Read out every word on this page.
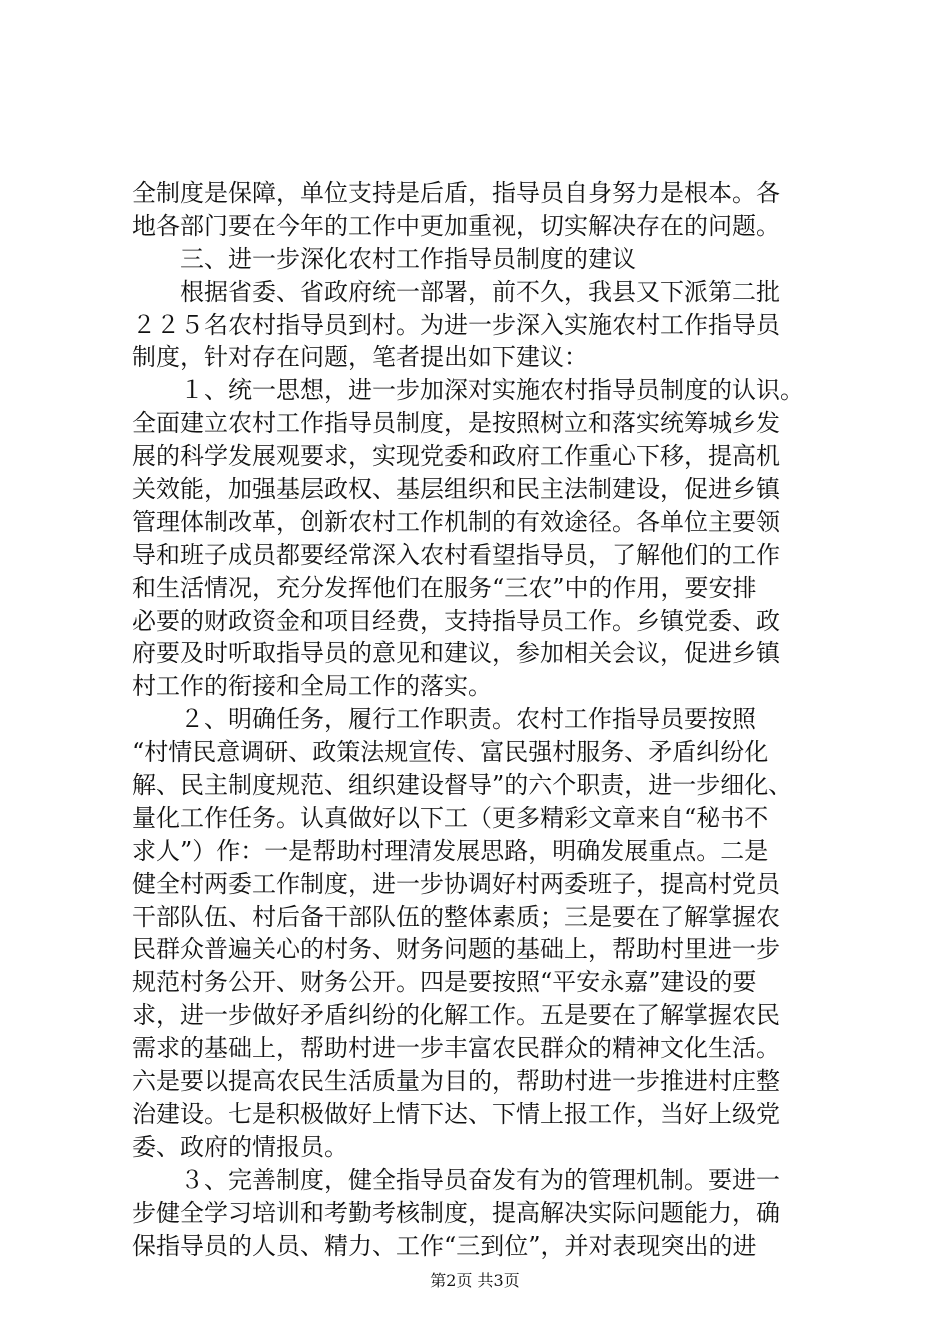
全制度是保障，单位支持是后盾，指导员自身努力是根本。各
地各部门要在今年的工作中更加重视，切实解决存在的问题。
　　三、进一步深化农村工作指导员制度的建议
　　根据省委、省政府统一部署，前不久，我县又下派第二批
２２５名农村指导员到村。为进一步深入实施农村工作指导员
制度，针对存在问题，笔者提出如下建议：
　　１、统一思想，进一步加深对实施农村指导员制度的认识。
全面建立农村工作指导员制度，是按照树立和落实统筹城乡发
展的科学发展观要求，实现党委和政府工作重心下移，提高机
关效能，加强基层政权、基层组织和民主法制建设，促进乡镇
管理体制改革，创新农村工作机制的有效途径。各单位主要领
导和班子成员都要经常深入农村看望指导员，了解他们的工作
和生活情况，充分发挥他们在服务“三农”中的作用，要安排
必要的财政资金和项目经费，支持指导员工作。乡镇党委、政
府要及时听取指导员的意见和建议，参加相关会议，促进乡镇
村工作的衔接和全局工作的落实。
　　２、明确任务，履行工作职责。农村工作指导员要按照
“村情民意调研、政策法规宣传、富民强村服务、矛盾纠纷化
解、民主制度规范、组织建设督导”的六个职责，进一步细化、
量化工作任务。认真做好以下工（更多精彩文章来自“秘书不
求人”）作：一是帮助村理清发展思路，明确发展重点。二是
健全村两委工作制度，进一步协调好村两委班子，提高村党员
干部队伍、村后备干部队伍的整体素质；三是要在了解掌握农
民群众普遍关心的村务、财务问题的基础上，帮助村里进一步
规范村务公开、财务公开。四是要按照“平安永嘉”建设的要
求，进一步做好矛盾纠纷的化解工作。五是要在了解掌握农民
需求的基础上，帮助村进一步丰富农民群众的精神文化生活。
六是要以提高农民生活质量为目的，帮助村进一步推进村庄整
治建设。七是积极做好上情下达、下情上报工作，当好上级党
委、政府的情报员。
　　３、完善制度，健全指导员奋发有为的管理机制。要进一
步健全学习培训和考勤考核制度，提高解决实际问题能力，确
保指导员的人员、精力、工作“三到位”，并对表现突出的进
第2页 共3页
